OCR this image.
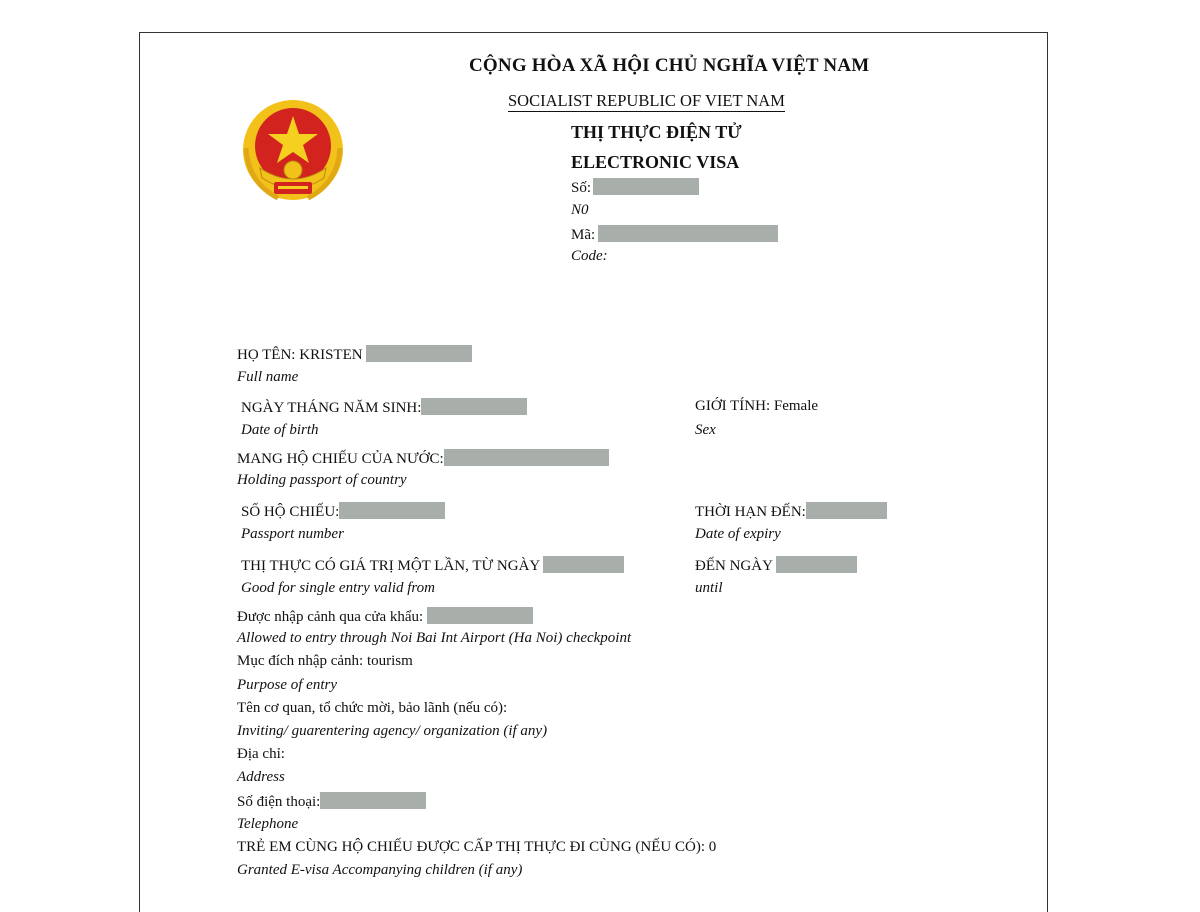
CỘNG HÒA XÃ HỘI CHỦ NGHĨA VIỆT NAM
SOCIALIST REPUBLIC OF VIET NAM
THỊ THỰC ĐIỆN TỬ
ELECTRONIC VISA
Số:
N0
Mã:
Code:
HỌ TÊN: KRISTEN
Full name
NGÀY THÁNG NĂM SINH:
Date of birth
GIỚI TÍNH: Female
Sex
MANG HỘ CHIẾU CỦA NƯỚC:
Holding passport of country
SỐ HỘ CHIẾU:
Passport number
THỜI HẠN ĐẾN:
Date of expiry
THỊ THỰC CÓ GIÁ TRỊ MỘT LẦN, TỪ NGÀY
Good for single entry valid from
ĐẾN NGÀY
until
Được nhập cảnh qua cửa khẩu:
Allowed to entry through Noi Bai Int Airport (Ha Noi) checkpoint
Mục đích nhập cảnh: tourism
Purpose of entry
Tên cơ quan, tổ chức mời, bảo lãnh (nếu có):
Inviting/ guarentering agency/ organization (if any)
Địa chỉ:
Address
Số điện thoại:
Telephone
TRẺ EM CÙNG HỘ CHIẾU ĐƯỢC CẤP THỊ THỰC ĐI CÙNG (NẾU CÓ): 0
Granted E-visa Accompanying children (if any)
